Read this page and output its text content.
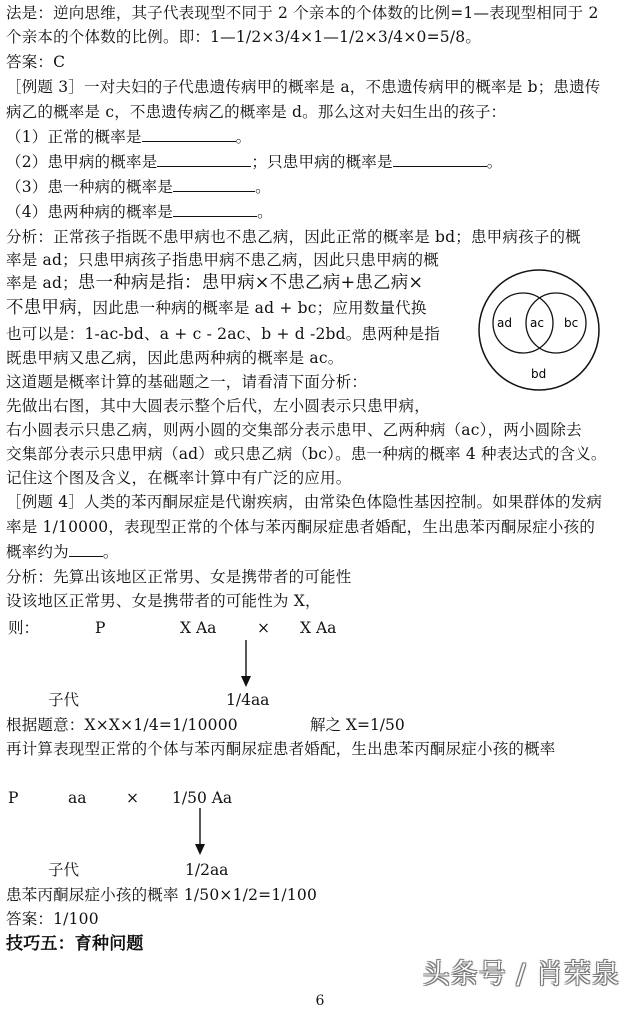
法是：逆向思维，其子代表现型不同于 2 个亲本的个体数的比例=1—表现型相同于 2
个亲本的个体数的比例。即：1—1/2×3/4×1—1/2×3/4×0=5/8。
答案：C
［例题 3］一对夫妇的子代患遗传病甲的概率是 a，不患遗传病甲的概率是 b；患遗传
病乙的概率是 c，不患遗传病乙的概率是 d。那么这对夫妇生出的孩子：
（1）正常的概率是	。
（2）患甲病的概率是	；只患甲病的概率是	。
（3）患一种病的概率是	。
（4）患两种病的概率是	。
分析：正常孩子指既不患甲病也不患乙病，因此正常的概率是 bd；患甲病孩子的概
率是 ad；只患甲病孩子指患甲病不患乙病，因此只患甲病的概
率是 ad；患一种病是指：患甲病×不患乙病+患乙病×
不患甲病，因此患一种病的概率是 ad + bc；应用数量代换
也可以是：1-ac-bd、a + c - 2ac、b + d -2bd。患两种是指
既患甲病又患乙病，因此患两种病的概率是 ac。
这道题是概率计算的基础题之一，请看清下面分析：
先做出右图，其中大圆表示整个后代，左小圆表示只患甲病，
右小圆表示只患乙病，则两小圆的交集部分表示患甲、乙两种病（ac），两小圆除去
交集部分表示只患甲病（ad）或只患乙病（bc）。患一种病的概率 4 种表达式的含义。
记住这个图及含义，在概率计算中有广泛的应用。
ad ac bc
bd
［例题 4］人类的苯丙酮尿症是代谢疾病，由常染色体隐性基因控制。如果群体的发病
率是 1/10000，表现型正常的个体与苯丙酮尿症患者婚配，生出患苯丙酮尿症小孩的
概率约为 。
分析：先算出该地区正常男、女是携带者的可能性
设该地区正常男、女是携带者的可能性为 X，
则：	P	X Aa	× X Aa
子代	1/4aa
根据题意：X×X×1/4=1/10000	解之 X=1/50
再计算表现型正常的个体与苯丙酮尿症患者婚配，生出患苯丙酮尿症小孩的概率
P	aa	× 1/50 Aa
子代	1/2aa
患苯丙酮尿症小孩的概率 1/50×1/2=1/100
答案：1/100
技巧五：育种问题
头条号 / 肖荣泉
6
